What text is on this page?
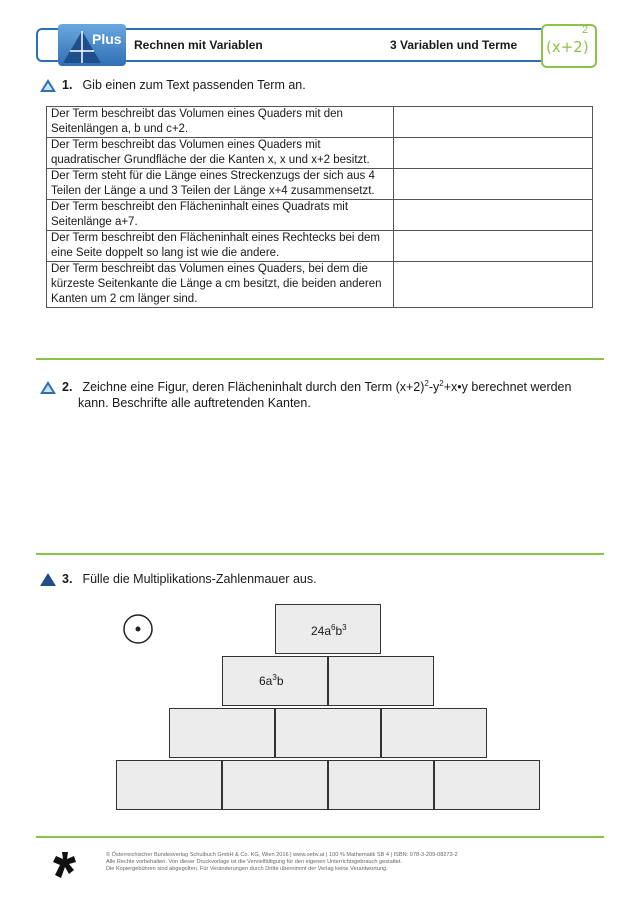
Plus Rechnen mit Variablen	3 Variablen und Terme (x+2)
2
1. Gib einen zum Text passenden Term an.
Der Term beschreibt das Volumen eines Quaders mit den Seitenlängen a, b und c+2.	
Der Term beschreibt das Volumen eines Quaders mit quadratischer Grundfläche der die Kanten x, x und x+2 besitzt.	
Der Term steht für die Länge eines Streckenzugs der sich aus 4 Teilen der Länge a und 3 Teilen der Länge x+4 zusammensetzt.	
Der Term beschreibt den Flächeninhalt eines Quadrats mit Seitenlänge a+7.	
Der Term beschreibt den Flächeninhalt eines Rechtecks bei dem eine Seite doppelt so lang ist wie die andere.	
Der Term beschreibt das Volumen eines Quaders, bei dem die kürzeste Seitenkante die Länge a cm besitzt, die beiden anderen Kanten um 2 cm länger sind.	
2. Zeichne eine Figur, deren Flächeninhalt durch den Term $(x+2)^2-y^2+x•y$ berechnet werden
kann. Beschrifte alle auftretenden Kanten.
3. Fülle die Multiplikations-Zahlenmauer aus.
$24a^6b^3$
$6a^3b$
© Österreichischer Bundesverlag Schulbuch GmbH & Co. KG, Wien 2016 | www.oebv.at | 100 % Mathematik SB 4 | ISBN: 978-3-209-08273-2
Alle Rechte vorbehalten. Von dieser Druckvorlage ist die Vervielfältigung für den eigenen Unterrichtsgebrauch gestattet.
Die Kopiergebühren sind abgegolten. Für Veränderungen durch Dritte übernimmt der Verlag keine Verantwortung.
